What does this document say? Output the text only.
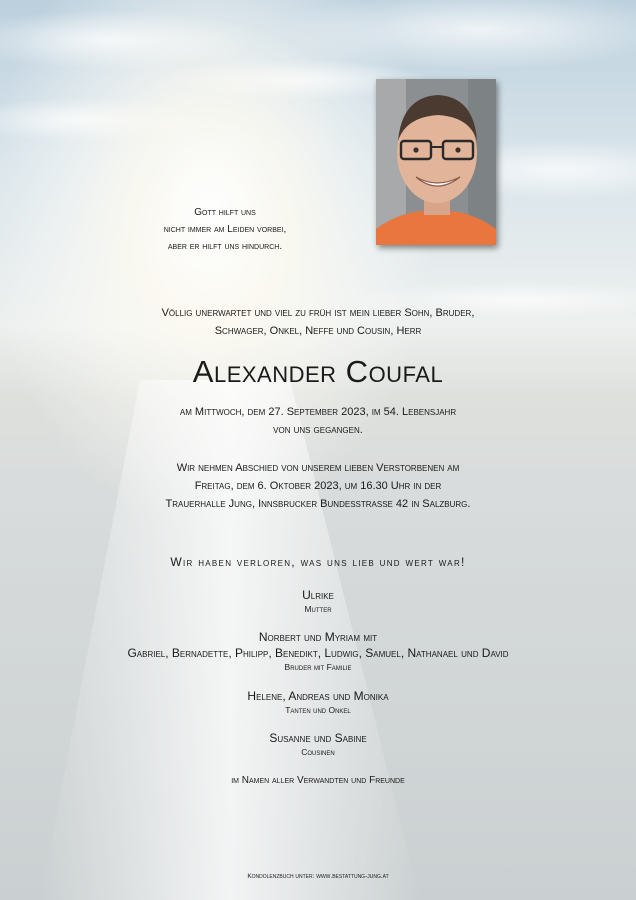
Gott hilft uns
nicht immer am Leiden vorbei,
aber er hilft uns hindurch.
Völlig unerwartet und viel zu früh ist mein lieber Sohn, Bruder,
Schwager, Onkel, Neffe und Cousin, Herr
Alexander Coufal
am Mittwoch, dem 27. September 2023, im 54. Lebensjahr
von uns gegangen.
Wir nehmen Abschied von unserem lieben Verstorbenen am
Freitag, dem 6. Oktober 2023, um 16.30 Uhr in der
Trauerhalle Jung, Innsbrucker Bundesstrasse 42 in Salzburg.
Wir haben verloren, was uns lieb und wert war!
Ulrike
Mutter
Norbert und Myriam mit
Gabriel, Bernadette, Philipp, Benedikt, Ludwig, Samuel, Nathanael und David
Bruder mit Familie
Helene, Andreas und Monika
Tanten und Onkel
Susanne und Sabine
Cousinen
im Namen aller Verwandten und Freunde
Kondolenzbuch unter: www.bestattung-jung.at
